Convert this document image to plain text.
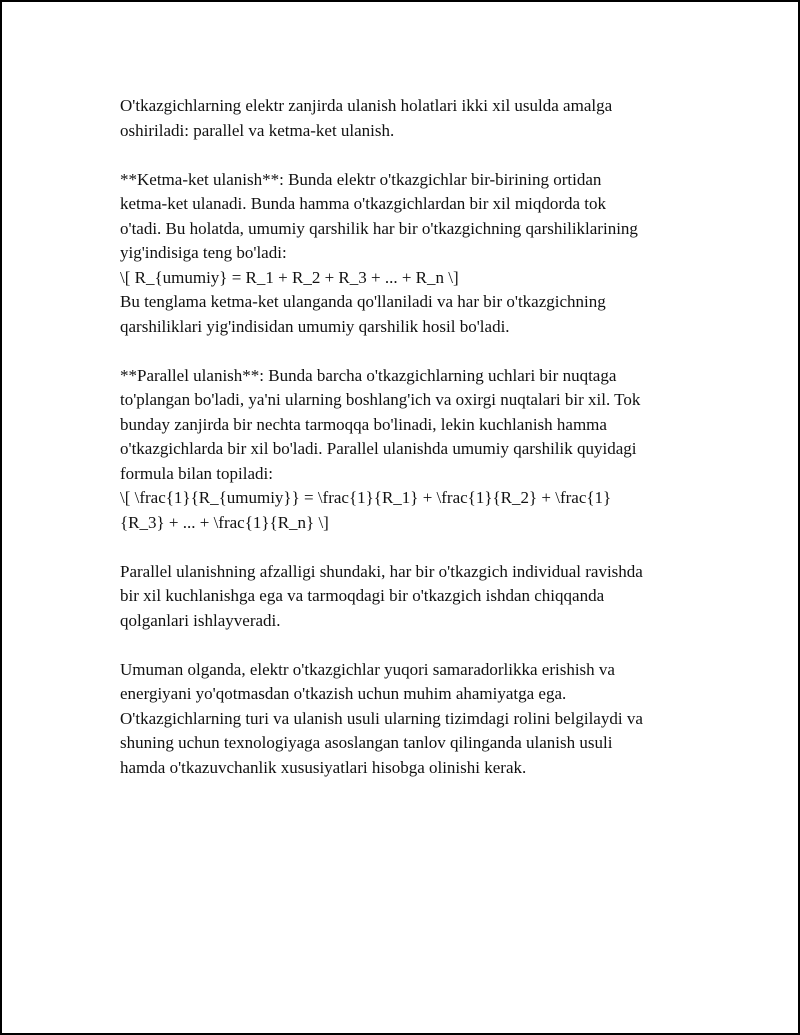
O'tkazgichlarning elektr zanjirda ulanish holatlari ikki xil usulda amalga
oshiriladi: parallel va ketma-ket ulanish.

**Ketma-ket ulanish**: Bunda elektr o'tkazgichlar bir-birining ortidan
ketma-ket ulanadi. Bunda hamma o'tkazgichlardan bir xil miqdorda tok
o'tadi. Bu holatda, umumiy qarshilik har bir o'tkazgichning qarshiliklarining
yig'indisiga teng bo'ladi:
\[ R_{umumiy} = R_1 + R_2 + R_3 + ... + R_n \]
Bu tenglama ketma-ket ulanganda qo'llaniladi va har bir o'tkazgichning
qarshiliklari yig'indisidan umumiy qarshilik hosil bo'ladi.

**Parallel ulanish**: Bunda barcha o'tkazgichlarning uchlari bir nuqtaga
to'plangan bo'ladi, ya'ni ularning boshlang'ich va oxirgi nuqtalari bir xil. Tok
bunday zanjirda bir nechta tarmoqqa bo'linadi, lekin kuchlanish hamma
o'tkazgichlarda bir xil bo'ladi. Parallel ulanishda umumiy qarshilik quyidagi
formula bilan topiladi:
\[ \frac{1}{R_{umumiy}} = \frac{1}{R_1} + \frac{1}{R_2} + \frac{1}
{R_3} + ... + \frac{1}{R_n} \]

Parallel ulanishning afzalligi shundaki, har bir o'tkazgich individual ravishda
bir xil kuchlanishga ega va tarmoqdagi bir o'tkazgich ishdan chiqqanda
qolganlari ishlayveradi.

Umuman olganda, elektr o'tkazgichlar yuqori samaradorlikka erishish va
energiyani yo'qotmasdan o'tkazish uchun muhim ahamiyatga ega.
O'tkazgichlarning turi va ulanish usuli ularning tizimdagi rolini belgilaydi va
shuning uchun texnologiyaga asoslangan tanlov qilinganda ulanish usuli
hamda o'tkazuvchanlik xususiyatlari hisobga olinishi kerak.
